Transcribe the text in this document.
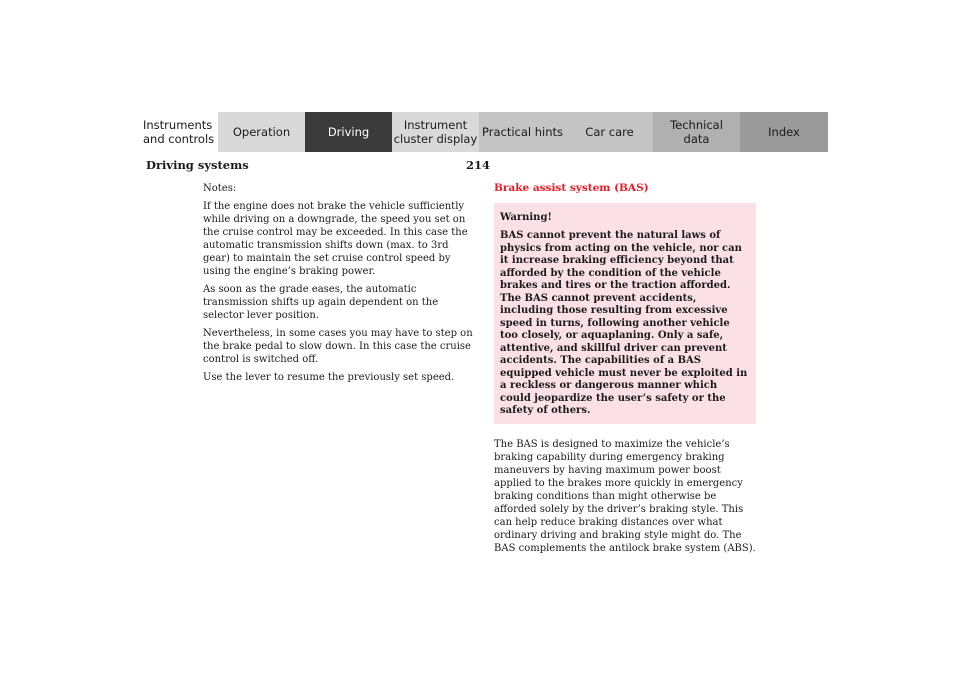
Instruments
and controls	Operation	Driving	Instrument
cluster display Practical hints	Car care	Technical
data	Index
Driving systems	214

Notes:

If the engine does not brake the vehicle sufficiently while driving on a downgrade, the speed you set on the cruise control may be exceeded. In this case the automatic transmission shifts down (max. to 3rd gear) to maintain the set cruise control speed by using the engine’s braking power.

As soon as the grade eases, the automatic transmission shifts up again dependent on the selector lever position.

Nevertheless, in some cases you may have to step on the brake pedal to slow down. In this case the cruise control is switched off.

Use the lever to resume the previously set speed.

Brake assist system (BAS)

Warning!

BAS cannot prevent the natural laws of physics from acting on the vehicle, nor can it increase braking efficiency beyond that afforded by the condition of the vehicle brakes and tires or the traction afforded. The BAS cannot prevent accidents, including those resulting from excessive speed in turns, following another vehicle too closely, or aquaplaning. Only a safe, attentive, and skillful driver can prevent accidents. The capabilities of a BAS equipped vehicle must never be exploited in a reckless or dangerous manner which could jeopardize the user’s safety or the safety of others.

The BAS is designed to maximize the vehicle’s braking capability during emergency braking maneuvers by having maximum power boost applied to the brakes more quickly in emergency braking conditions than might otherwise be afforded solely by the driver’s braking style. This can help reduce braking distances over what ordinary driving and braking style might do. The BAS complements the antilock brake system (ABS).
